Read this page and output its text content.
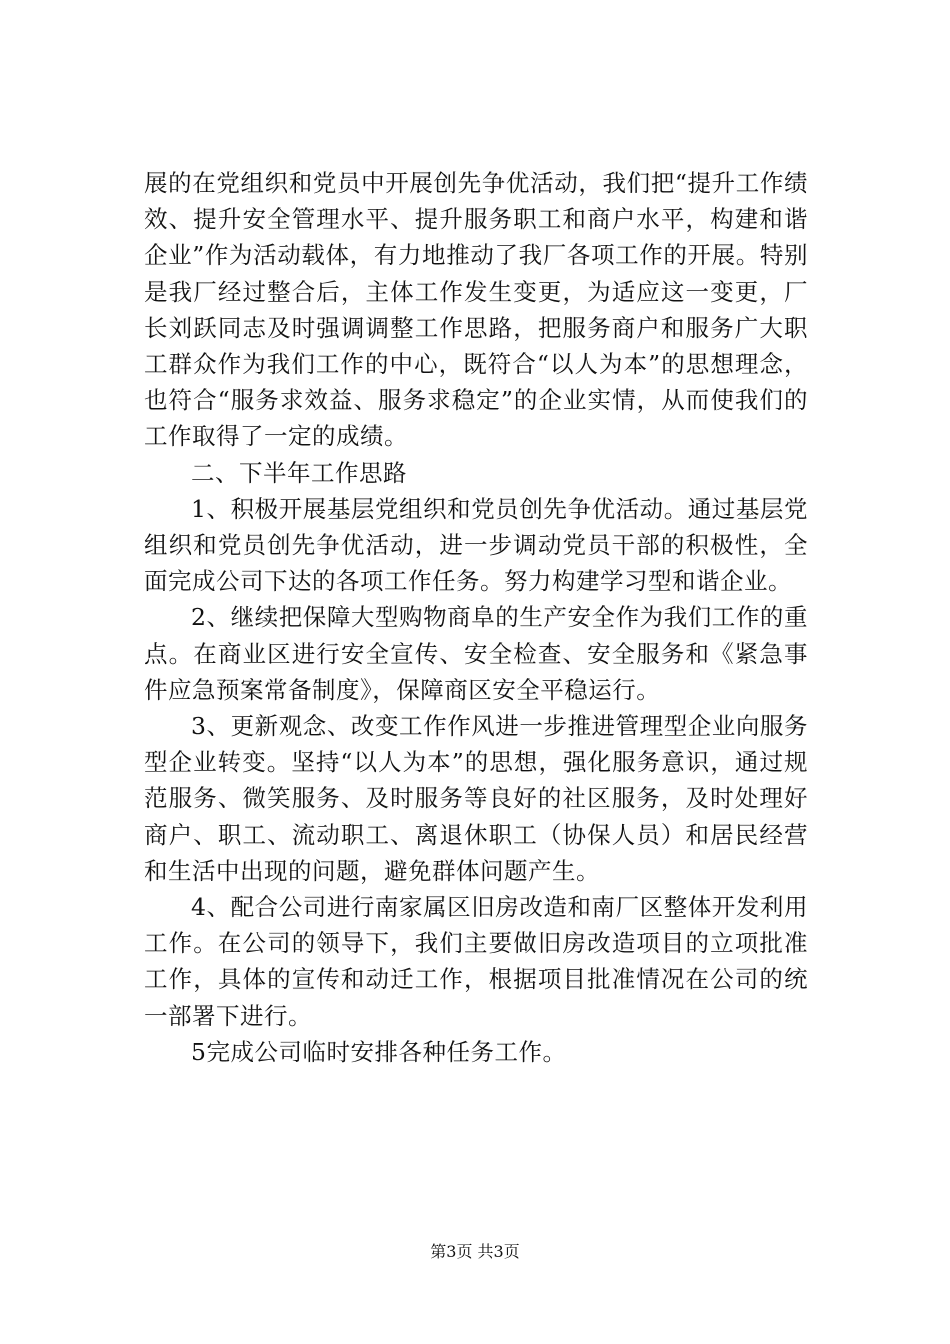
展的在党组织和党员中开展创先争优活动，我们把“提升工作绩效、提升安全管理水平、提升服务职工和商户水平，构建和谐企业”作为活动载体，有力地推动了我厂各项工作的开展。特别是我厂经过整合后，主体工作发生变更，为适应这一变更，厂长刘跃同志及时强调调整工作思路，把服务商户和服务广大职工群众作为我们工作的中心，既符合“以人为本”的思想理念，也符合“服务求效益、服务求稳定”的企业实情，从而使我们的工作取得了一定的成绩。

二、下半年工作思路

1、积极开展基层党组织和党员创先争优活动。通过基层党组织和党员创先争优活动，进一步调动党员干部的积极性，全面完成公司下达的各项工作任务。努力构建学习型和谐企业。

2、继续把保障大型购物商阜的生产安全作为我们工作的重点。在商业区进行安全宣传、安全检查、安全服务和《紧急事件应急预案常备制度》，保障商区安全平稳运行。

3、更新观念、改变工作作风进一步推进管理型企业向服务型企业转变。坚持“以人为本”的思想，强化服务意识，通过规范服务、微笑服务、及时服务等良好的社区服务，及时处理好商户、职工、流动职工、离退休职工（协保人员）和居民经营和生活中出现的问题，避免群体问题产生。

4、配合公司进行南家属区旧房改造和南厂区整体开发利用工作。在公司的领导下，我们主要做旧房改造项目的立项批准工作，具体的宣传和动迁工作，根据项目批准情况在公司的统一部署下进行。

5完成公司临时安排各种任务工作。

第3页 共3页
